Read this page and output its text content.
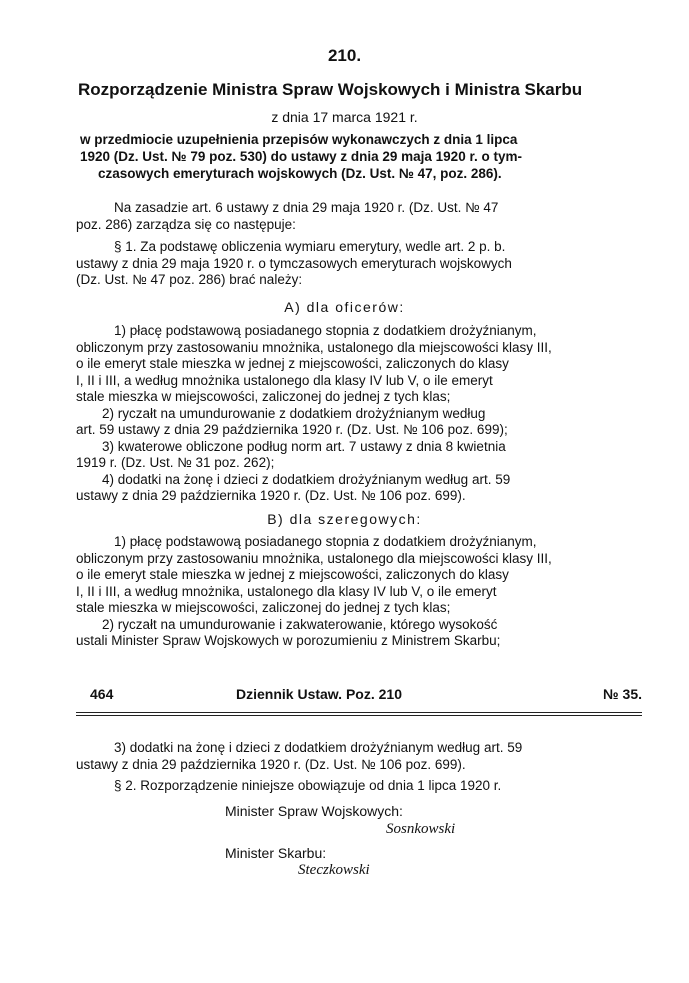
210.
Rozporządzenie Ministra Spraw Wojskowych i Ministra Skarbu
z dnia 17 marca 1921 r.
w przedmiocie uzupełnienia przepisów wykonawczych z dnia 1 lipca
1920 (Dz. Ust. № 79 poz. 530) do ustawy z dnia 29 maja 1920 r. o tym-
czasowych emeryturach wojskowych (Dz. Ust. № 47, poz. 286).
Na zasadzie art. 6 ustawy z dnia 29 maja 1920 r. (Dz. Ust. № 47
poz. 286) zarządza się co następuje:
§ 1. Za podstawę obliczenia wymiaru emerytury, wedle art. 2 p. b.
ustawy z dnia 29 maja 1920 r. o tymczasowych emeryturach wojskowych
(Dz. Ust. № 47 poz. 286) brać należy:
A) dla oficerów:
1) płacę podstawową posiadanego stopnia z dodatkiem drożyźnianym,
obliczonym przy zastosowaniu mnożnika, ustalonego dla miejscowości klasy III,
o ile emeryt stale mieszka w jednej z miejscowości, zaliczonych do klasy
I, II i III, a według mnożnika ustalonego dla klasy IV lub V, o ile emeryt
stale mieszka w miejscowości, zaliczonej do jednej z tych klas;
2) ryczałt na umundurowanie z dodatkiem drożyźnianym według
art. 59 ustawy z dnia 29 października 1920 r. (Dz. Ust. № 106 poz. 699);
3) kwaterowe obliczone podług norm art. 7 ustawy z dnia 8 kwietnia
1919 r. (Dz. Ust. № 31 poz. 262);
4) dodatki na żonę i dzieci z dodatkiem drożyźnianym według art. 59
ustawy z dnia 29 października 1920 r. (Dz. Ust. № 106 poz. 699).
B) dla szeregowych:
1) płacę podstawową posiadanego stopnia z dodatkiem drożyźnianym,
obliczonym przy zastosowaniu mnożnika, ustalonego dla miejscowości klasy III,
o ile emeryt stale mieszka w jednej z miejscowości, zaliczonych do klasy
I, II i III, a według mnożnika, ustalonego dla klasy IV lub V, o ile emeryt
stale mieszka w miejscowości, zaliczonej do jednej z tych klas;
2) ryczałt na umundurowanie i zakwaterowanie, którego wysokość
ustali Minister Spraw Wojskowych w porozumieniu z Ministrem Skarbu;
464	Dziennik Ustaw. Poz. 210	№ 35.
3) dodatki na żonę i dzieci z dodatkiem drożyźnianym według art. 59
ustawy z dnia 29 października 1920 r. (Dz. Ust. № 106 poz. 699).
§ 2. Rozporządzenie niniejsze obowiązuje od dnia 1 lipca 1920 r.
Minister Spraw Wojskowych:
Sosnkowski
Minister Skarbu:
Steczkowski
